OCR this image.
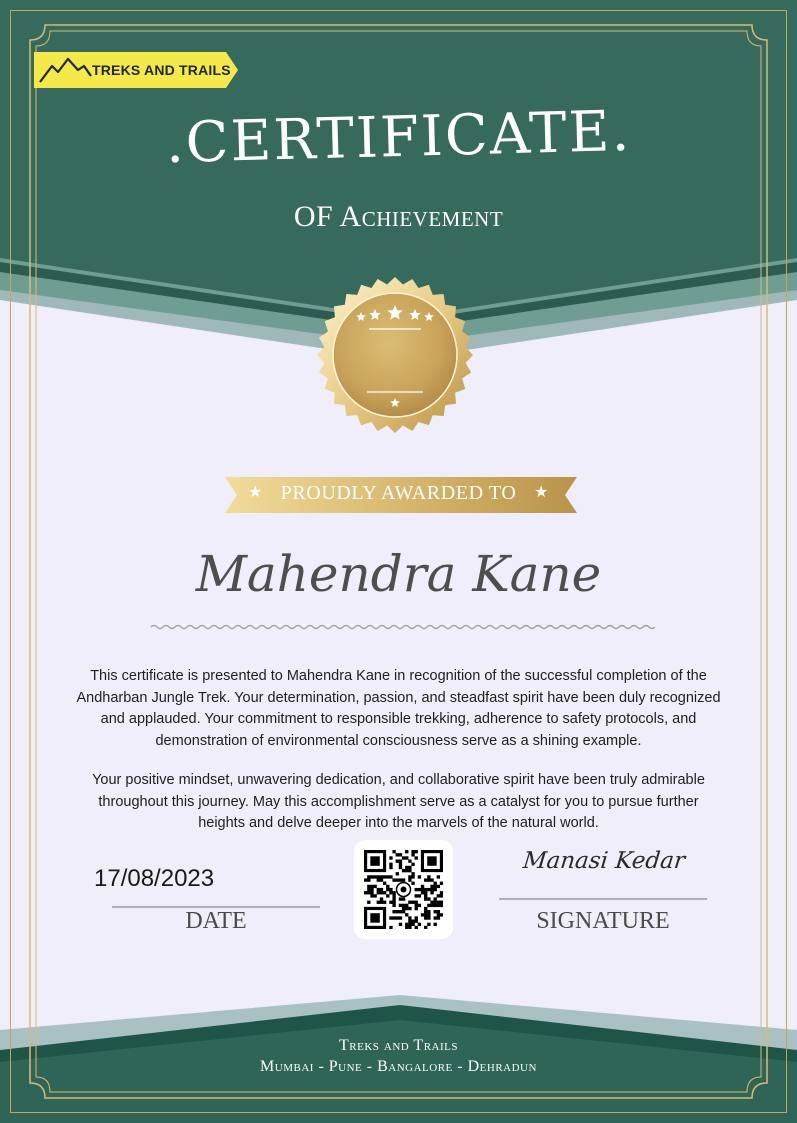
TREKS AND TRAILS
.CERTIFICATE.
OF Achievement
★ PROUDLY AWARDED TO ★
Mahendra Kane
This certificate is presented to Mahendra Kane in recognition of the successful completion of the
Andharban Jungle Trek. Your determination, passion, and steadfast spirit have been duly recognized
and applauded. Your commitment to responsible trekking, adherence to safety protocols, and
demonstration of environmental consciousness serve as a shining example.
Your positive mindset, unwavering dedication, and collaborative spirit have been truly admirable
throughout this journey. May this accomplishment serve as a catalyst for you to pursue further
heights and delve deeper into the marvels of the natural world.
17/08/2023
DATE
Manasi Kedar
SIGNATURE
Treks and Trails
Mumbai - Pune - Bangalore - Dehradun
